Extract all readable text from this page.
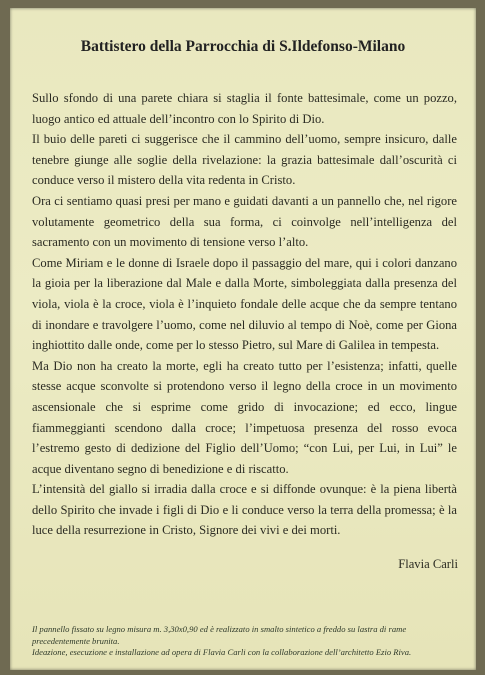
Battistero della Parrocchia di S.Ildefonso-Milano

Sullo sfondo di una parete chiara si staglia il fonte battesimale, come un pozzo, luogo antico ed attuale dell’incontro con lo Spirito di Dio.

Il buio delle pareti ci suggerisce che il cammino dell’uomo, sempre insicuro, dalle tenebre giunge alle soglie della rivelazione: la grazia battesimale dall’oscurità ci conduce verso il mistero della vita redenta in Cristo.

Ora ci sentiamo quasi presi per mano e guidati davanti a un pannello che, nel rigore volutamente geometrico della sua forma, ci coinvolge nell’intelligenza del sacramento con un movimento di tensione verso l’alto.

Come Miriam e le donne di Israele dopo il passaggio del mare, qui i colori danzano la gioia per la liberazione dal Male e dalla Morte, simboleggiata dalla presenza del viola, viola è la croce, viola è l’inquieto fondale delle acque che da sempre tentano di inondare e travolgere l’uomo, come nel diluvio al tempo di Noè, come per Giona inghiottito dalle onde, come per lo stesso Pietro, sul Mare di Galilea in tempesta.

Ma Dio non ha creato la morte, egli ha creato tutto per l’esistenza; infatti, quelle stesse acque sconvolte si protendono verso il legno della croce in un movimento ascensionale che si esprime come grido di invocazione; ed ecco, lingue fiammeggianti scendono dalla croce; l’impetuosa presenza del rosso evoca l’estremo gesto di dedizione del Figlio dell’Uomo; “con Lui, per Lui, in Lui” le acque diventano segno di benedizione e di riscatto.

L’intensità del giallo si irradia dalla croce e si diffonde ovunque: è la piena libertà dello Spirito che invade i figli di Dio e li conduce verso la terra della promessa; è la luce della resurrezione in Cristo, Signore dei vivi e dei morti.

Flavia Carli
Il pannello fissato su legno misura m. 3,30x0,90 ed è realizzato in smalto sintetico a freddo su lastra di rame precedentemente brunita.
Ideazione, esecuzione e installazione ad opera di Flavia Carli con la collaborazione dell’architetto Ezio Riva.
